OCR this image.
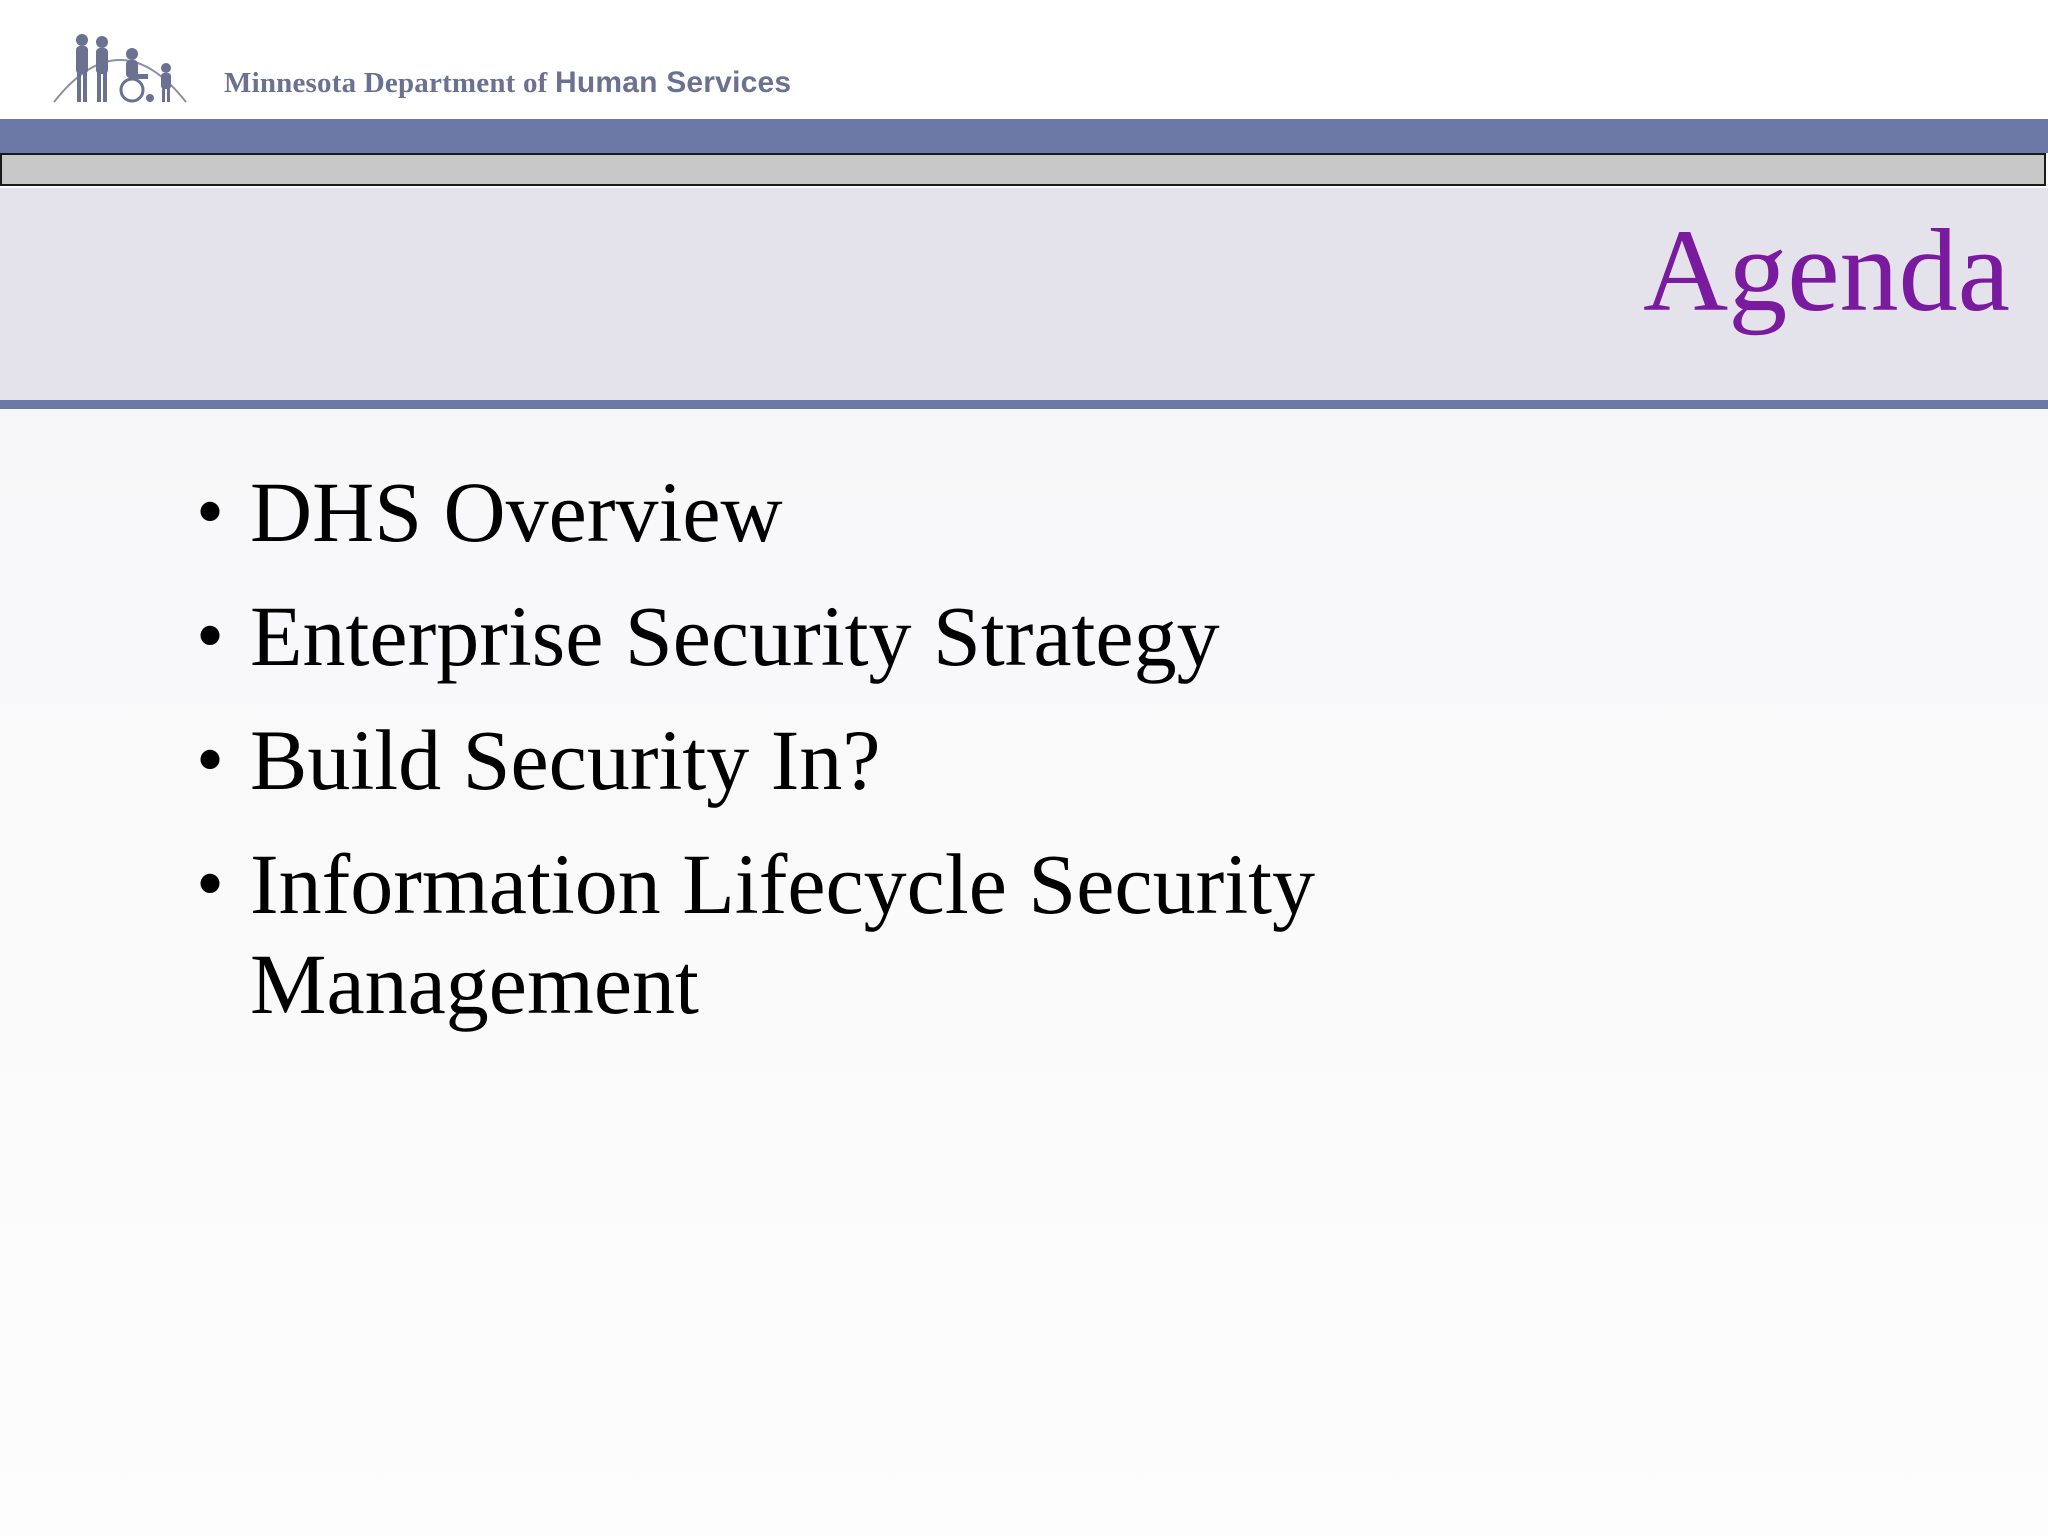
Minnesota Department of Human Services
Agenda
• DHS Overview
• Enterprise Security Strategy
• Build Security In?
• Information Lifecycle Security
Management
